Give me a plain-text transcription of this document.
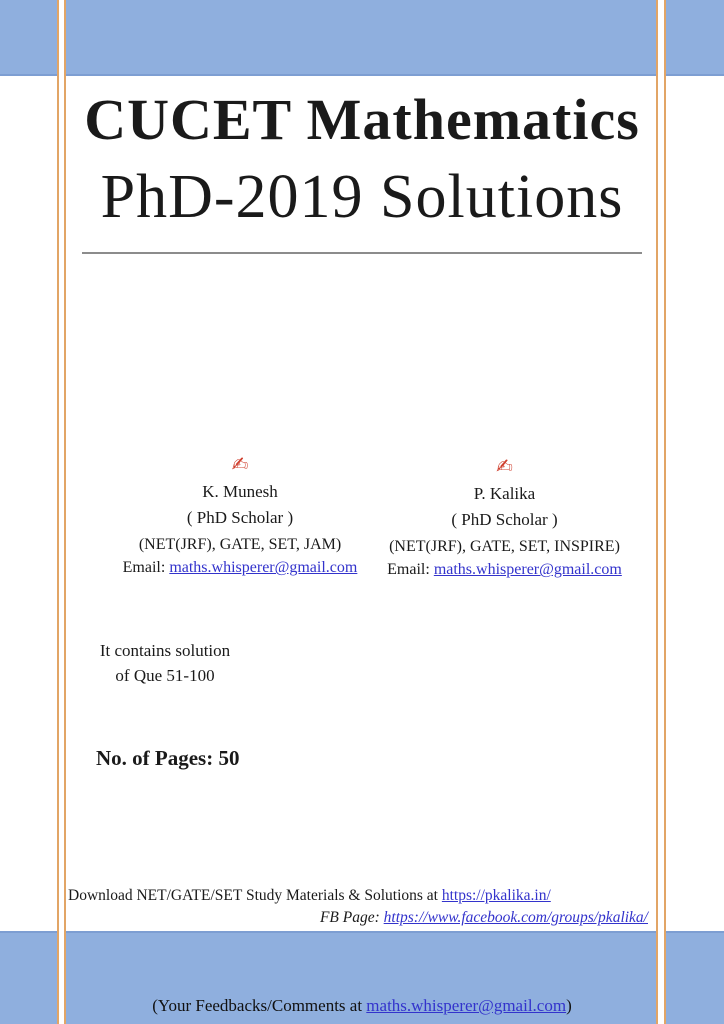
CUCET Mathematics
PhD-2019 Solutions
✍
K. Munesh
( PhD Scholar )
(NET(JRF), GATE, SET, JAM)
Email: maths.whisperer@gmail.com
✍
P. Kalika
( PhD Scholar )
(NET(JRF), GATE, SET, INSPIRE)
Email: maths.whisperer@gmail.com
It contains solution
of Que 51-100
No. of Pages: 50
Download NET/GATE/SET Study Materials & Solutions at https://pkalika.in/
FB Page: https://www.facebook.com/groups/pkalika/
(Your Feedbacks/Comments at maths.whisperer@gmail.com)
